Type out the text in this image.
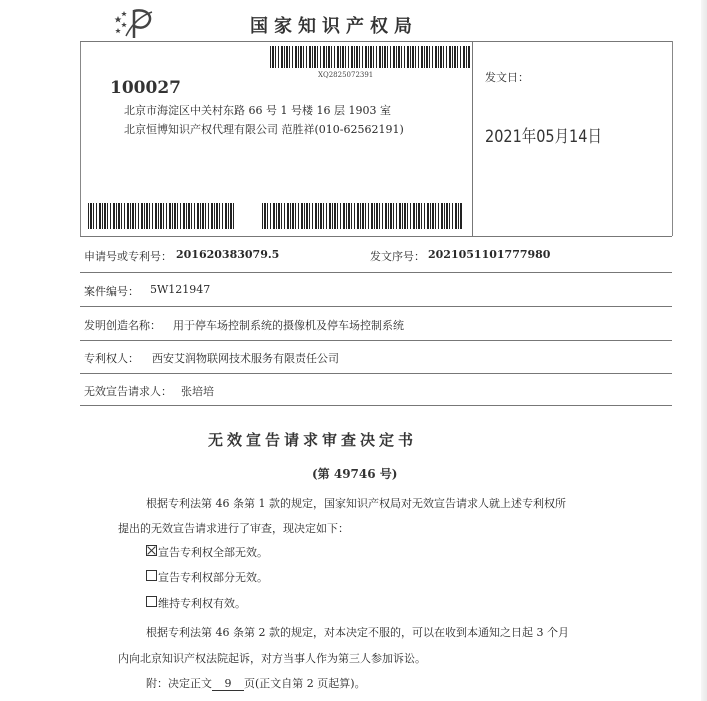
国家知识产权局
XQ2825072391
100027
北京市海淀区中关村东路 66 号 1 号楼 16 层 1903 室
北京恒博知识产权代理有限公司 范胜祥(010-62562191)
发文日：
2021年05月14日
申请号或专利号： 201620383079.5	发文序号： 2021051101777980
案件编号： 5W121947
发明创造名称： 用于停车场控制系统的摄像机及停车场控制系统
专利权人： 西安艾润物联网技术服务有限责任公司
无效宣告请求人： 张培培
无效宣告请求审查决定书
(第 49746 号)
根据专利法第 46 条第 1 款的规定，国家知识产权局对无效宣告请求人就上述专利权所
提出的无效宣告请求进行了审查，现决定如下：
宣告专利权全部无效。
宣告专利权部分无效。
维持专利权有效。
根据专利法第 46 条第 2 款的规定，对本决定不服的，可以在收到本通知之日起 3 个月
内向北京知识产权法院起诉，对方当事人作为第三人参加诉讼。
附：决定正文 9 页(正文自第 2 页起算)。
